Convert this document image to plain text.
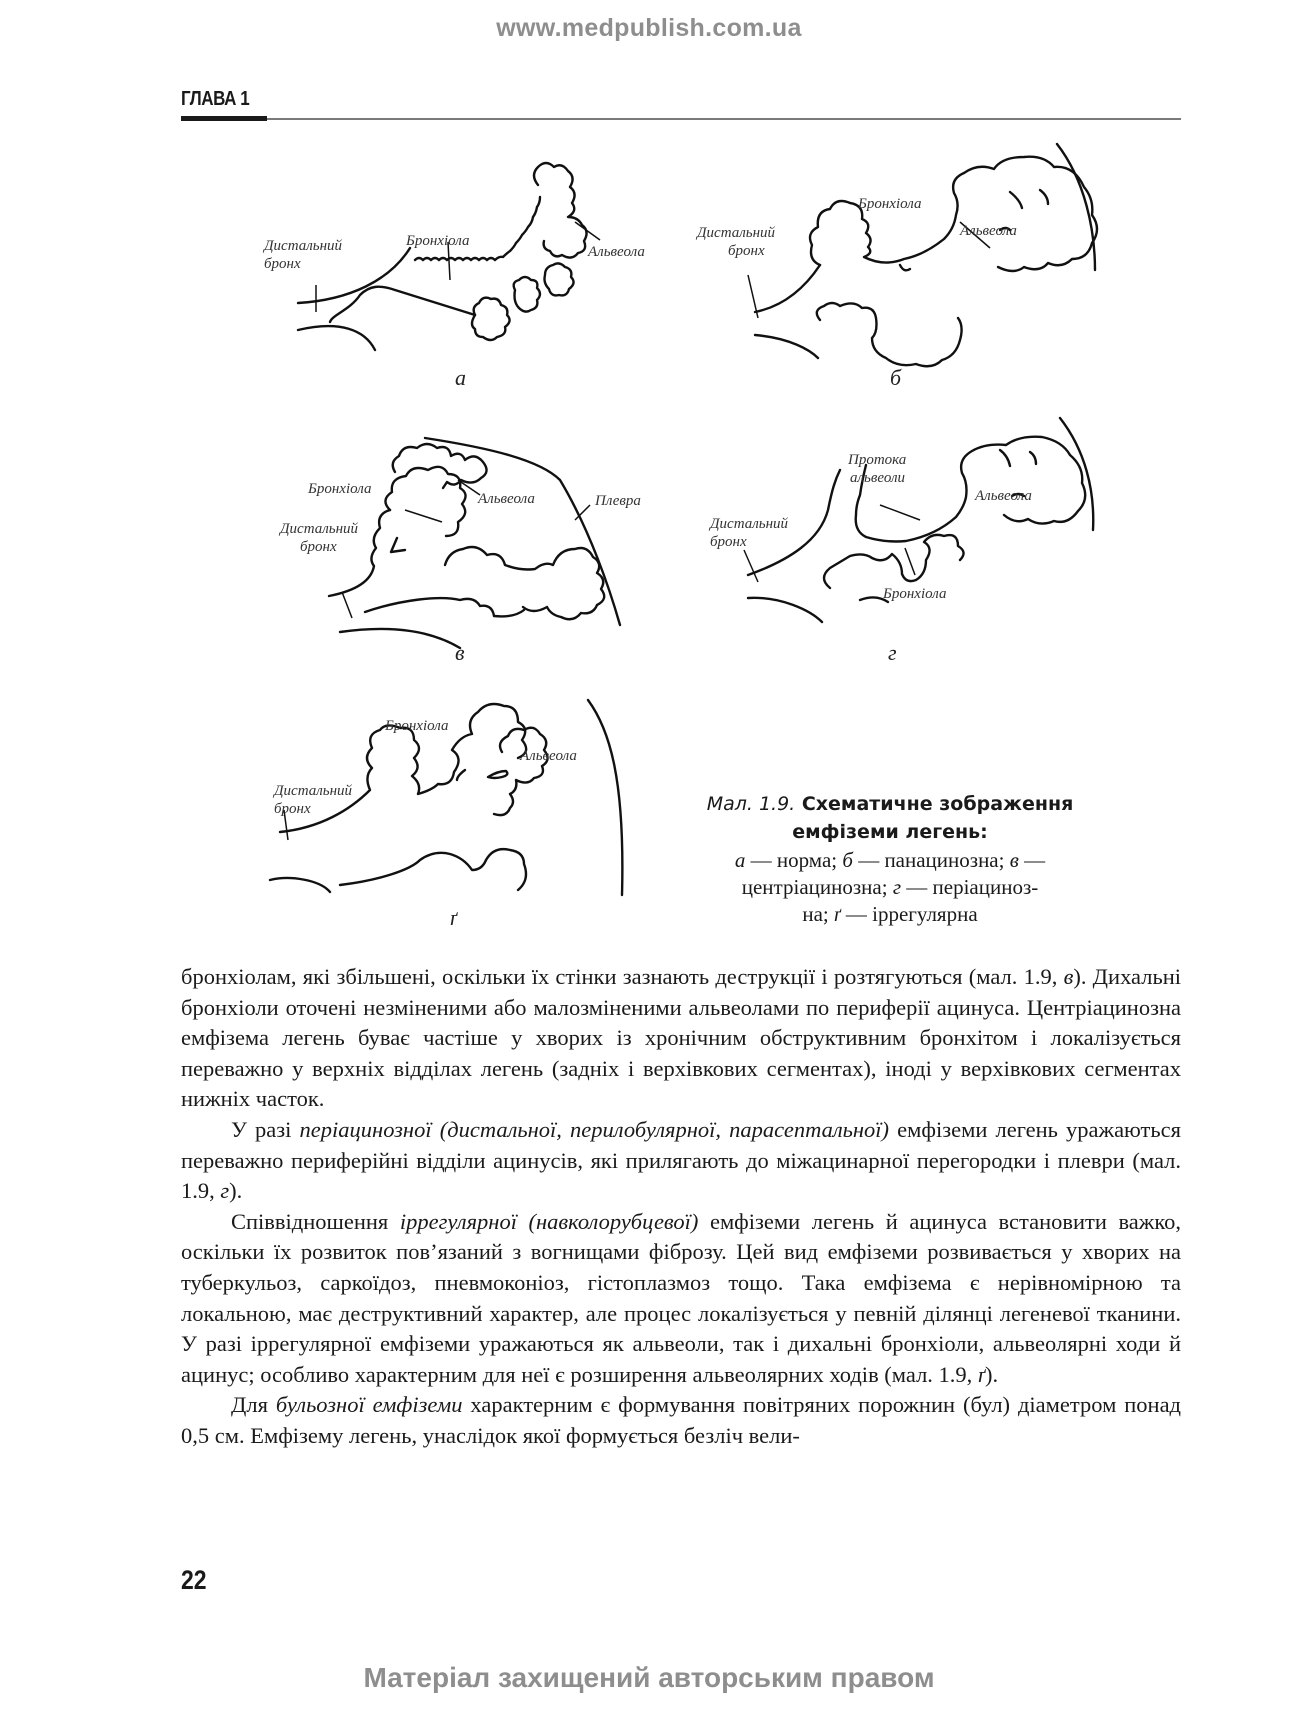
www.medpublish.com.ua
ГЛАВА 1
Дистальний
бронх
Бронхіола
Альвеола
а
Дистальний
бронх
Бронхіола
Альвеола
б
Бронхіола
Альвеола	Плевра
Дистальний
бронх
в
Протока
альвеоли
Альвеола
Дистальний
бронх
Бронхіола
г
Бронхіола
Альвеола
Дистальний
бронх
ґ
Мал. 1.9. Схематичне зображення
емфіземи легень:
а — норма; б — панацинозна; в —
центріацинозна; г — періациноз-
на; ґ — іррегулярна

бронхіолам, які збільшені, оскільки їх стінки зазнають деструкції і розтягуються (мал. 1.9, в). Дихальні бронхіоли оточені незміненими або малозміненими альвеолами по периферії ацинуса. Центріацинозна емфізема легень буває частіше у хворих із хронічним обструктивним бронхітом і локалізується переважно у верхніх відділах легень (задніх і верхівкових сегментах), іноді у верхівкових сегментах нижніх часток.

У разі періацинозної (дистальної, перилобулярної, парасептальної) емфіземи легень уражаються переважно периферійні відділи ацинусів, які прилягають до міжацинарної перегородки і плеври (мал. 1.9, г).

Співвідношення іррегулярної (навколорубцевої) емфіземи легень й ацинуса встановити важко, оскільки їх розвиток пов’язаний з вогнищами фіброзу. Цей вид емфіземи розвивається у хворих на туберкульоз, саркоїдоз, пневмоконіоз, гістоплазмоз тощо. Така емфізема є нерівномірною та локальною, має деструктивний характер, але процес локалізується у певній ділянці легеневої тканини. У разі іррегулярної емфіземи уражаються як альвеоли, так і дихальні бронхіоли, альвеолярні ходи й ацинус; особливо характерним для неї є розширення альвеолярних ходів (мал. 1.9, ґ).

Для бульозної емфіземи характерним є формування повітряних порожнин (бул) діаметром понад 0,5 см. Емфізему легень, унаслідок якої формується безліч вели-

22
Матеріал захищений авторським правом
